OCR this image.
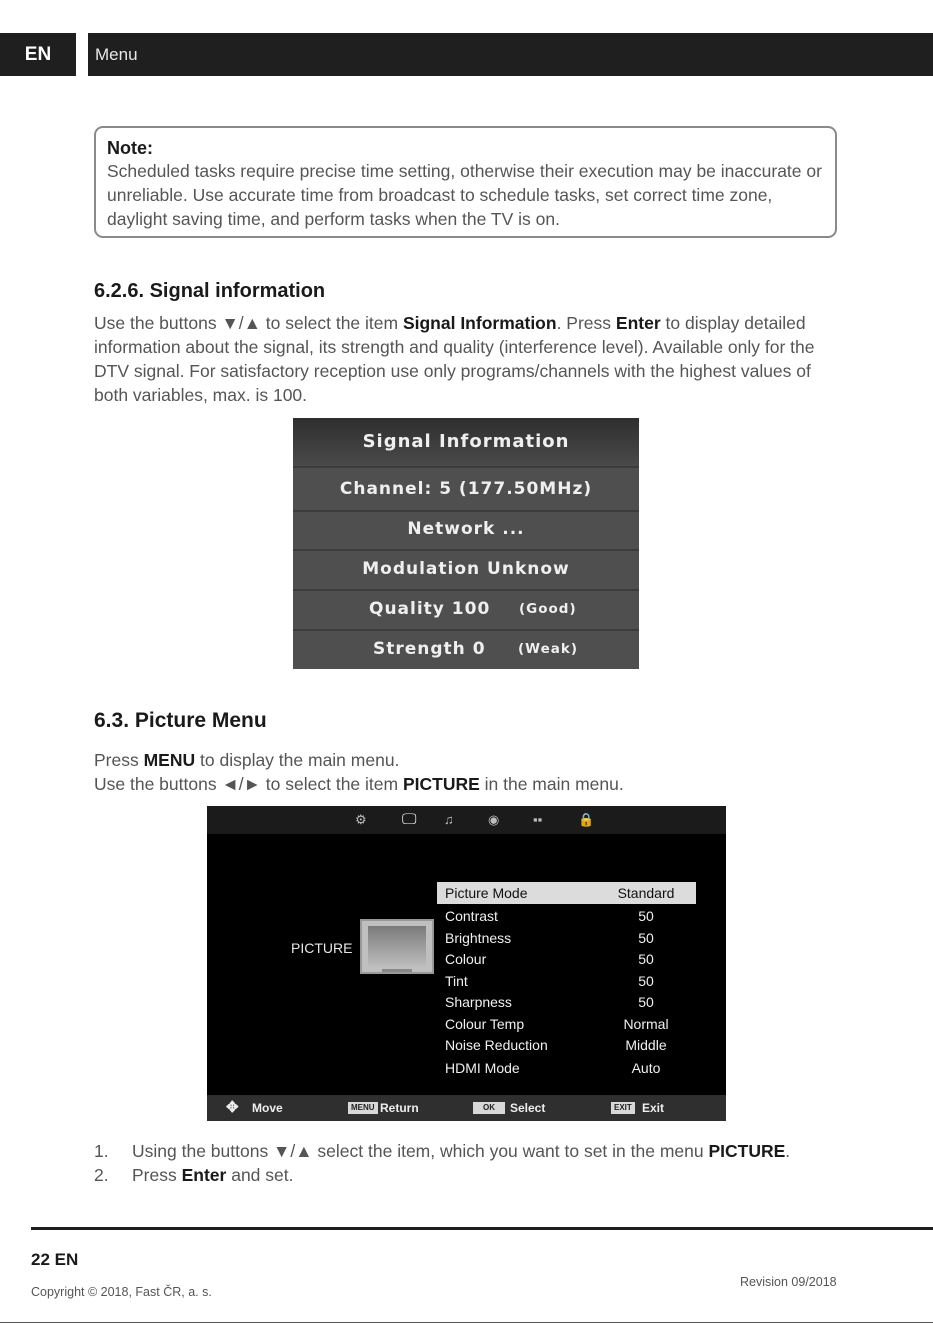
EN	Menu
Note:
Scheduled tasks require precise time setting, otherwise their execution may be inaccurate or unreliable. Use accurate time from broadcast to schedule tasks, set correct time zone, daylight saving time, and perform tasks when the TV is on.
6.2.6. Signal information
Use the buttons ▼/▲ to select the item Signal Information. Press Enter to display detailed information about the signal, its strength and quality (interference level). Available only for the DTV signal. For satisfactory reception use only programs/channels with the highest values of both variables, max. is 100.
Signal Information
Channel: 5 (177.50MHz)
Network ...
Modulation Unknow
Quality 100	(Good)
Strength 0	(Weak)
6.3. Picture Menu
Press MENU to display the main menu.
Use the buttons ◄/► to select the item PICTURE in the main menu.
⚙ 🖵 ♫	◉	▪▪	🔒
PICTURE
Picture Mode	Standard
Contrast	50
Brightness	50
Colour	50
Tint	50
Sharpness	50
Colour Temp	Normal
Noise Reduction	Middle
HDMI Mode	Auto
✥ Move	MENU Return	OK	Select	EXIT Exit
1. Using the buttons ▼/▲ select the item, which you want to set in the menu PICTURE.
2. Press Enter and set.
22 EN
Copyright © 2018, Fast ČR, a. s.
Revision 09/2018
